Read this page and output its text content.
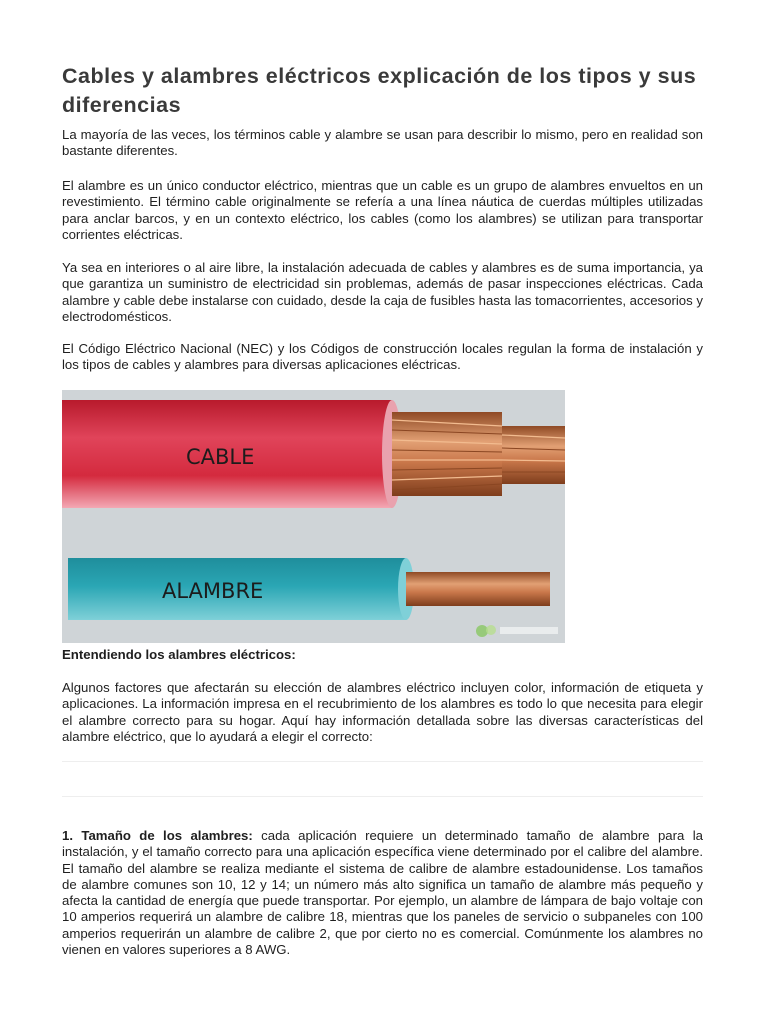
Cables y alambres eléctricos explicación de los tipos y sus diferencias

La mayoría de las veces, los términos cable y alambre se usan para describir lo mismo, pero en realidad son bastante diferentes.

El alambre es un único conductor eléctrico, mientras que un cable es un grupo de alambres envueltos en un revestimiento. El término cable originalmente se refería a una línea náutica de cuerdas múltiples utilizadas para anclar barcos, y en un contexto eléctrico, los cables (como los alambres) se utilizan para transportar corrientes eléctricas.

Ya sea en interiores o al aire libre, la instalación adecuada de cables y alambres es de suma importancia, ya que garantiza un suministro de electricidad sin problemas, además de pasar inspecciones eléctricas. Cada alambre y cable debe instalarse con cuidado, desde la caja de fusibles hasta las tomacorrientes, accesorios y electrodomésticos.

El Código Eléctrico Nacional (NEC) y los Códigos de construcción locales regulan la forma de instalación y los tipos de cables y alambres para diversas aplicaciones eléctricas.

CABLE
ALAMBRE
Entendiendo los alambres eléctricos:

Algunos factores que afectarán su elección de alambres eléctrico incluyen color, información de etiqueta y aplicaciones. La información impresa en el recubrimiento de los alambres es todo lo que necesita para elegir el alambre correcto para su hogar. Aquí hay información detallada sobre las diversas características del alambre eléctrico, que lo ayudará a elegir el correcto:

1. Tamaño de los alambres: cada aplicación requiere un determinado tamaño de alambre para la instalación, y el tamaño correcto para una aplicación específica viene determinado por el calibre del alambre. El tamaño del alambre se realiza mediante el sistema de calibre de alambre estadounidense. Los tamaños de alambre comunes son 10, 12 y 14; un número más alto significa un tamaño de alambre más pequeño y afecta la cantidad de energía que puede transportar. Por ejemplo, un alambre de lámpara de bajo voltaje con 10 amperios requerirá un alambre de calibre 18, mientras que los paneles de servicio o subpaneles con 100 amperios requerirán un alambre de calibre 2, que por cierto no es comercial. Comúnmente los alambres no vienen en valores superiores a 8 AWG.
